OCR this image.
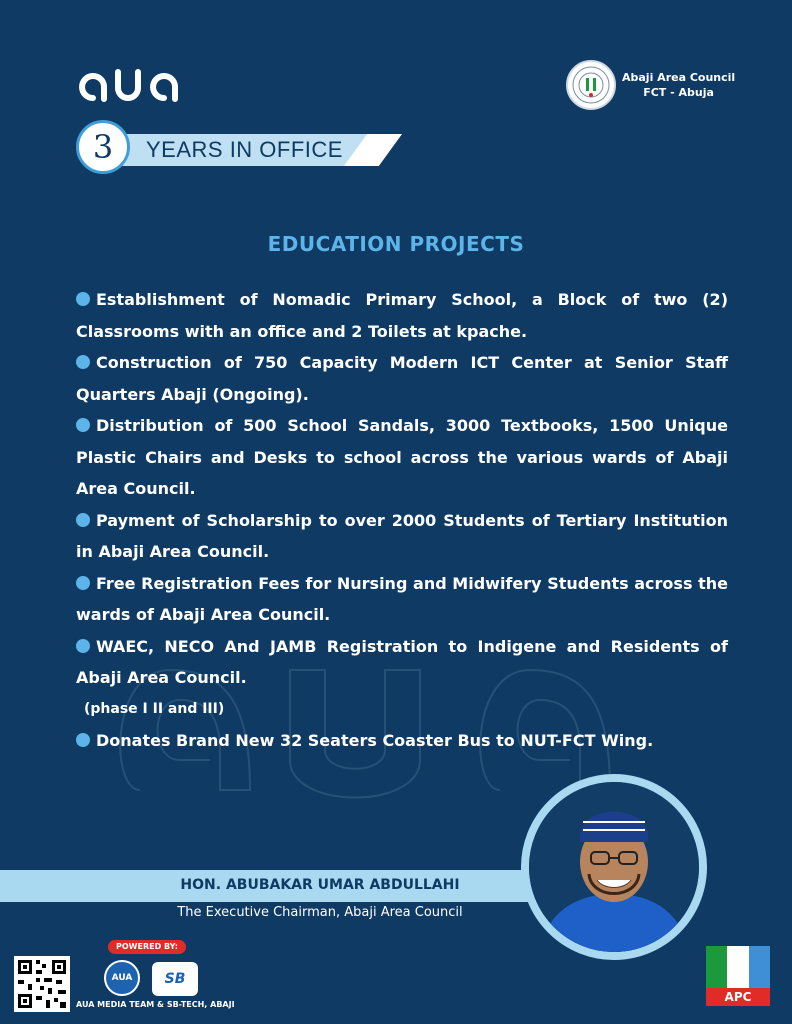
YEARS IN OFFICE
3
Abaji Area Council
FCT - Abuja
EDUCATION PROJECTS
Establishment of Nomadic Primary School, a Block of two (2) Classrooms with an office and 2 Toilets at kpache.
Construction of 750 Capacity Modern ICT Center at Senior Staff Quarters Abaji (Ongoing).
Distribution of 500 School Sandals, 3000 Textbooks, 1500 Unique Plastic Chairs and Desks to school across the various wards of Abaji Area Council.
Payment of Scholarship to over 2000 Students of Tertiary Institution in Abaji Area Council.
Free Registration Fees for Nursing and Midwifery Students across the wards of Abaji Area Council.
WAEC, NECO And JAMB Registration to Indigene and Residents of Abaji Area Council.
(phase I II and III)
Donates Brand New 32 Seaters Coaster Bus to NUT-FCT Wing.
HON. ABUBAKAR UMAR ABDULLAHI
The Executive Chairman, Abaji Area Council
POWERED BY:
AUA SB
AUA MEDIA TEAM & SB-TECH, ABAJI
APC
